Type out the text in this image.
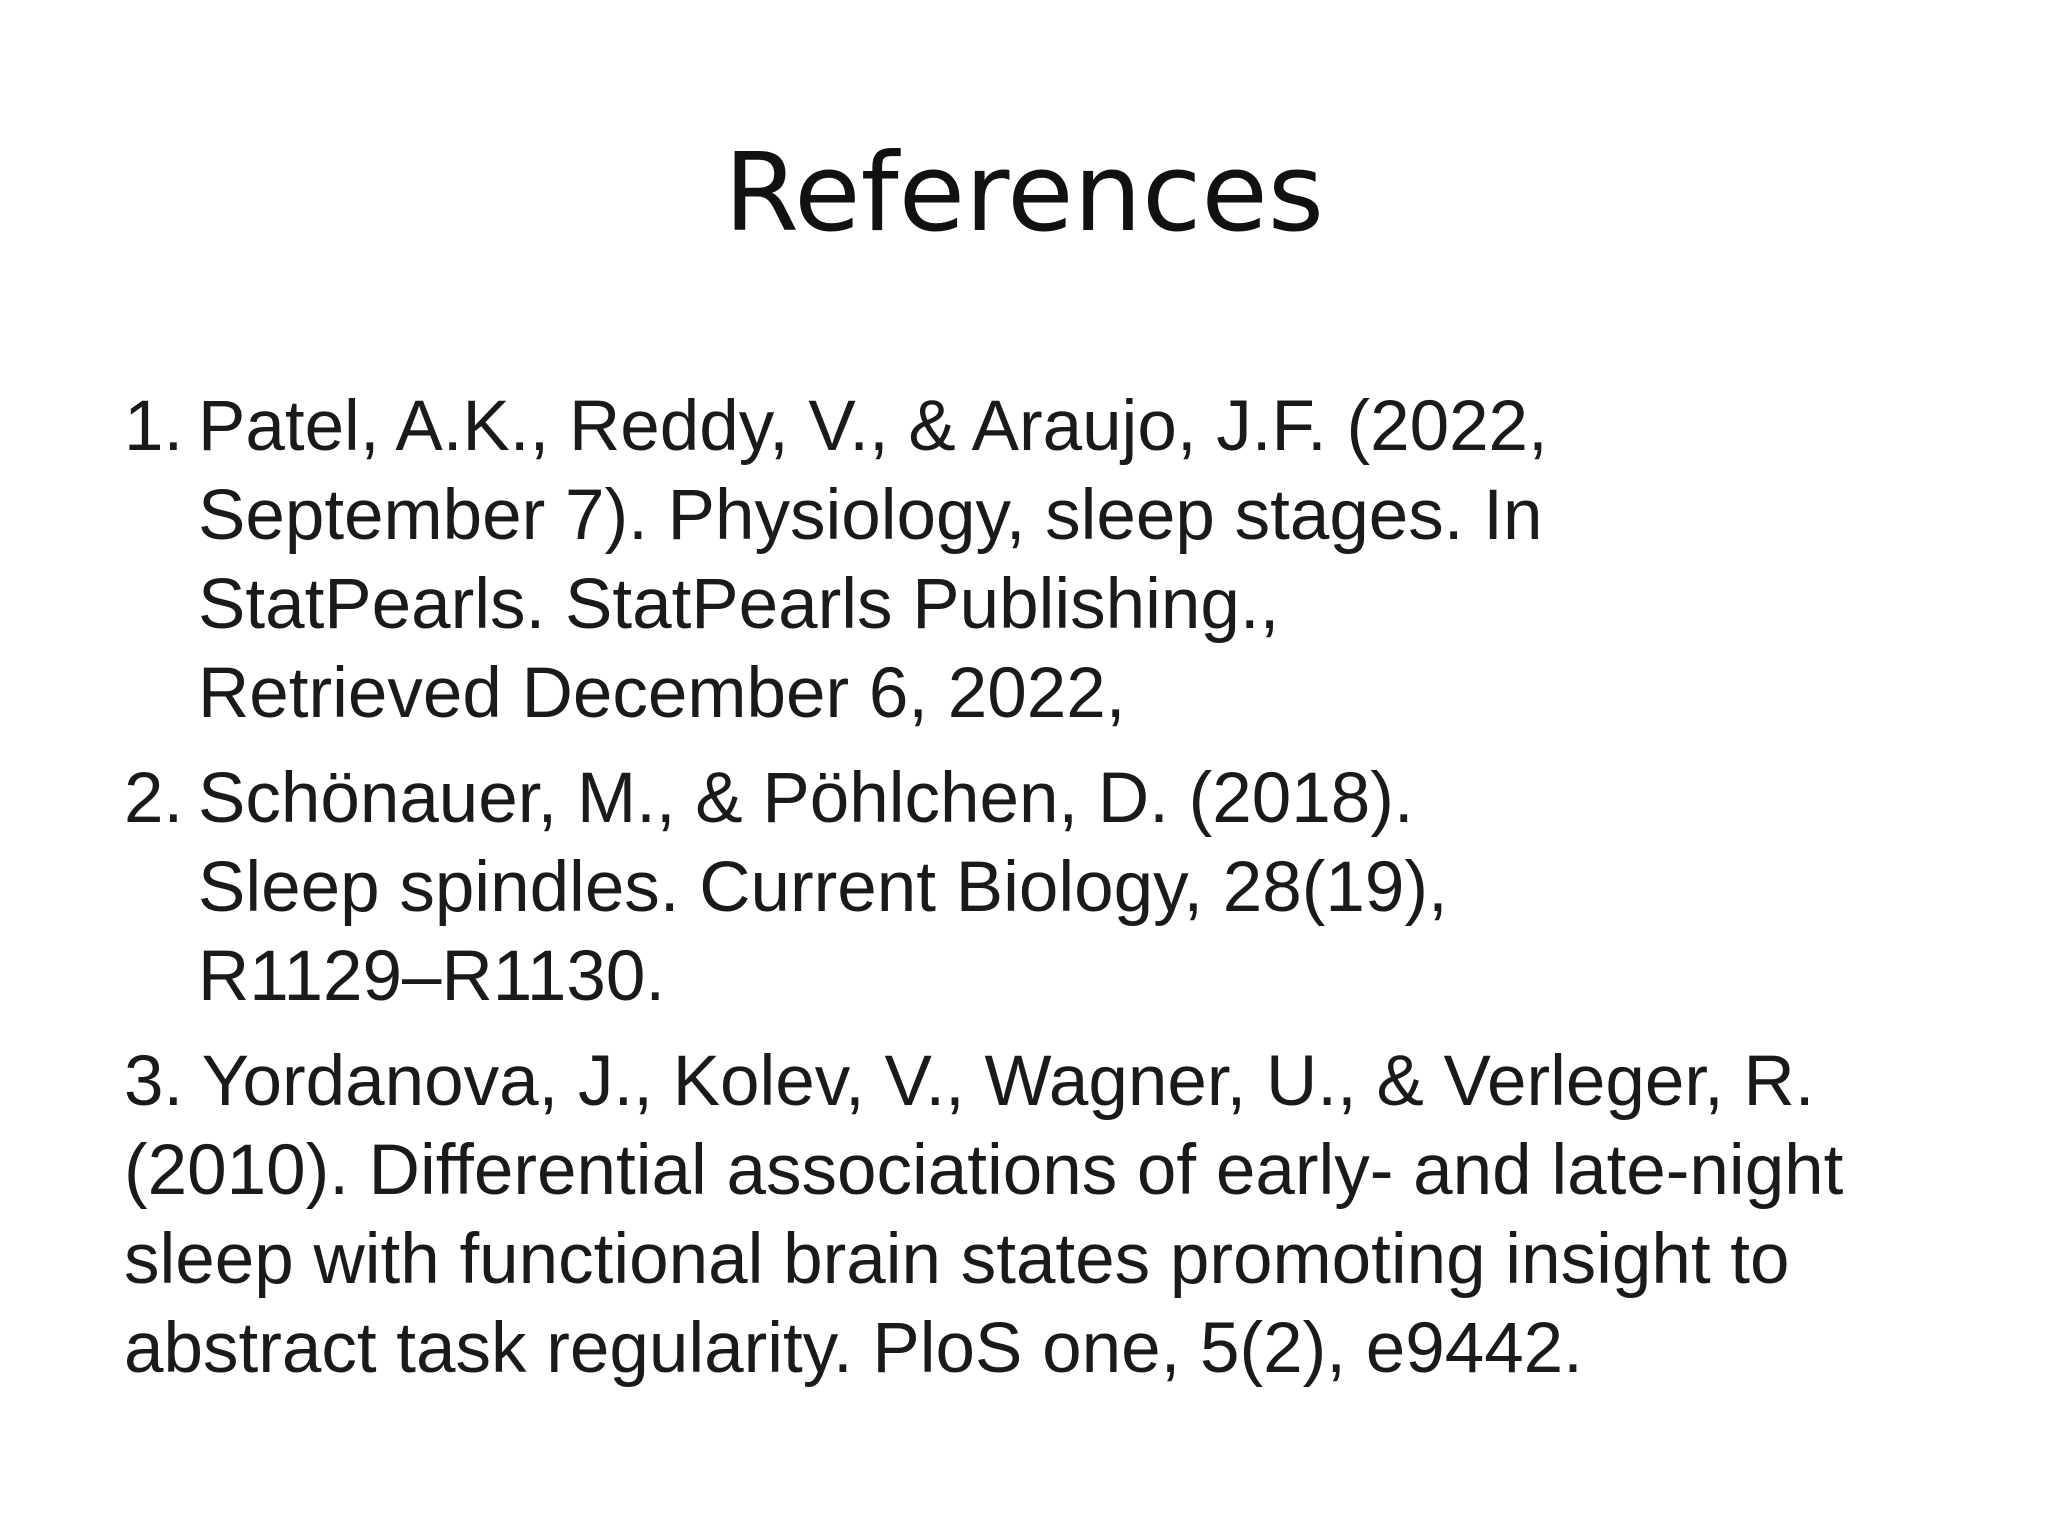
References
1. Patel, A.K., Reddy, V., & Araujo, J.F. (2022, September 7). Physiology, sleep stages. In StatPearls. StatPearls Publishing., Retrieved December 6, 2022,
2. Schönauer, M., & Pöhlchen, D. (2018). Sleep spindles. Current Biology, 28(19), R1129–R1130.
3. Yordanova, J., Kolev, V., Wagner, U., & Verleger, R. (2010). Differential associations of early- and late-night sleep with functional brain states promoting insight to abstract task regularity. PloS one, 5(2), e9442.
